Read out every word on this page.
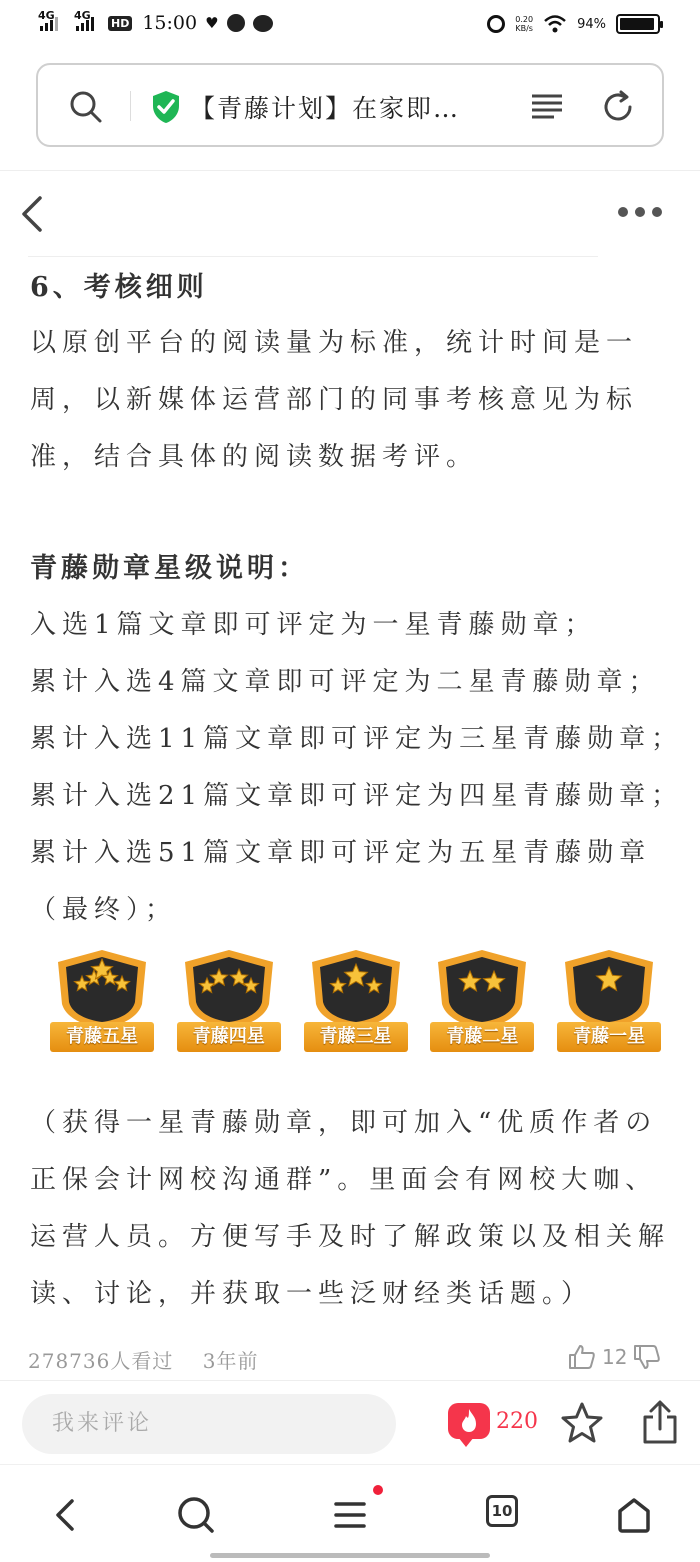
4G 4G
HD 15:00 ♥	0.20
KB/s	94%
【青藤计划】在家即…
6、考核细则
以原创平台的阅读量为标准，统计时间是一
周，以新媒体运营部门的同事考核意见为标
准，结合具体的阅读数据考评。
青藤勋章星级说明：
入选1篇文章即可评定为一星青藤勋章；
累计入选4篇文章即可评定为二星青藤勋章；
累计入选11篇文章即可评定为三星青藤勋章；
累计入选21篇文章即可评定为四星青藤勋章；
累计入选51篇文章即可评定为五星青藤勋章
（最终）；
青藤五星	青藤四星	青藤三星	青藤二星	青藤一星
（获得一星青藤勋章，即可加入“优质作者の
正保会计网校沟通群”。里面会有网校大咖、
运营人员。方便写手及时了解政策以及相关解
读、讨论，并获取一些泛财经类话题。）
278736人看过 3年前	12
我来评论	220
10
